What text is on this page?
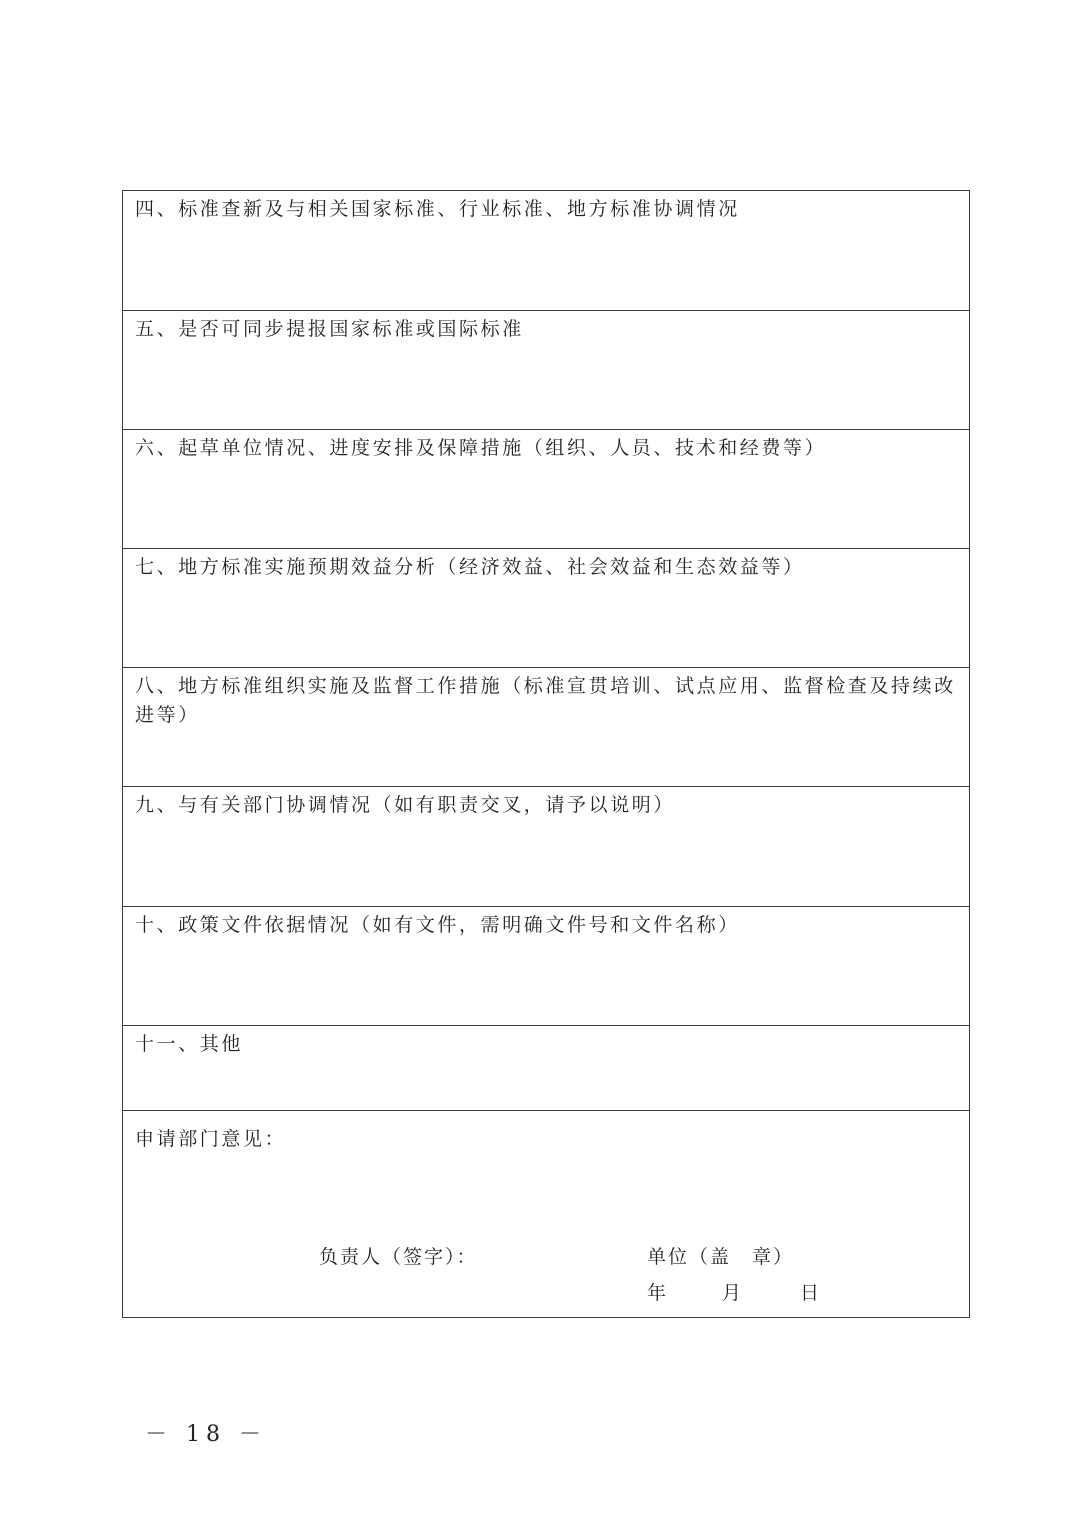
四、标准查新及与相关国家标准、行业标准、地方标准协调情况
五、是否可同步提报国家标准或国际标准
六、起草单位情况、进度安排及保障措施（组织、人员、技术和经费等）
七、地方标准实施预期效益分析（经济效益、社会效益和生态效益等）
八、地方标准组织实施及监督工作措施（标准宣贯培训、试点应用、监督检查及持续改进等）
九、与有关部门协调情况（如有职责交叉，请予以说明）
十、政策文件依据情况（如有文件，需明确文件号和文件名称）
十一、其他
申请部门意见：
负责人（签字）：	单位（盖　章）
年	月	日
－ 18 －
